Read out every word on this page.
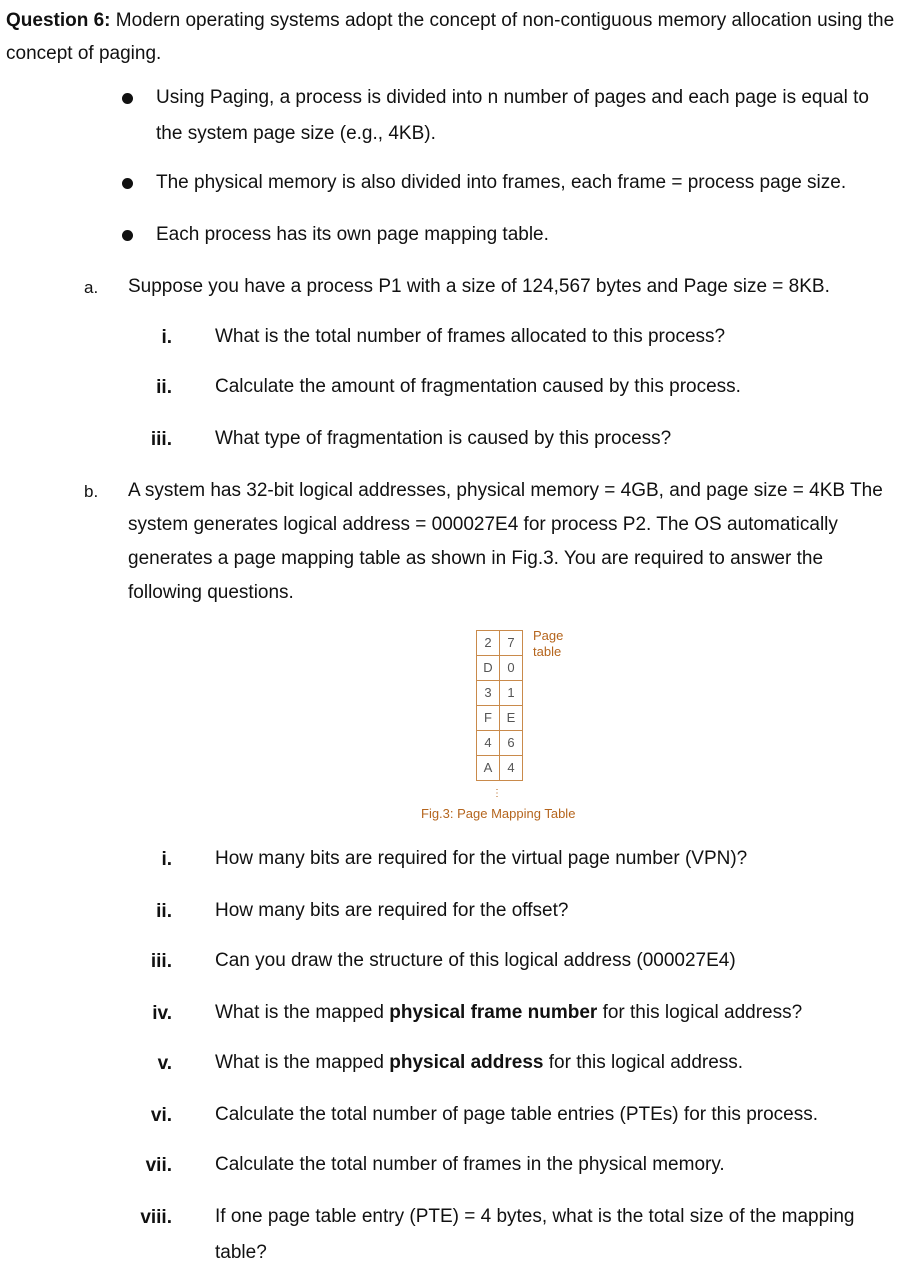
Question 6: Modern operating systems adopt the concept of non-contiguous memory allocation using the concept of paging.
Using Paging, a process is divided into n number of pages and each page is equal to the system page size (e.g., 4KB).
The physical memory is also divided into frames, each frame = process page size.
Each process has its own page mapping table.
a. Suppose you have a process P1 with a size of 124,567 bytes and Page size = 8KB.
i. What is the total number of frames allocated to this process?
ii. Calculate the amount of fragmentation caused by this process.
iii. What type of fragmentation is caused by this process?
b. A system has 32-bit logical addresses, physical memory = 4GB, and page size = 4KB The system generates logical address = 000027E4 for process P2. The OS automatically generates a page mapping table as shown in Fig.3. You are required to answer the following questions.
2	7
D	0
3	1
F	E
4	6
A	4
Page
table
⋮
Fig.3: Page Mapping Table
i. How many bits are required for the virtual page number (VPN)?
ii. How many bits are required for the offset?
iii. Can you draw the structure of this logical address (000027E4)
iv. What is the mapped physical frame number for this logical address?
v. What is the mapped physical address for this logical address.
vi. Calculate the total number of page table entries (PTEs) for this process.
vii. Calculate the total number of frames in the physical memory.
viii. If one page table entry (PTE) = 4 bytes, what is the total size of the mapping table?
